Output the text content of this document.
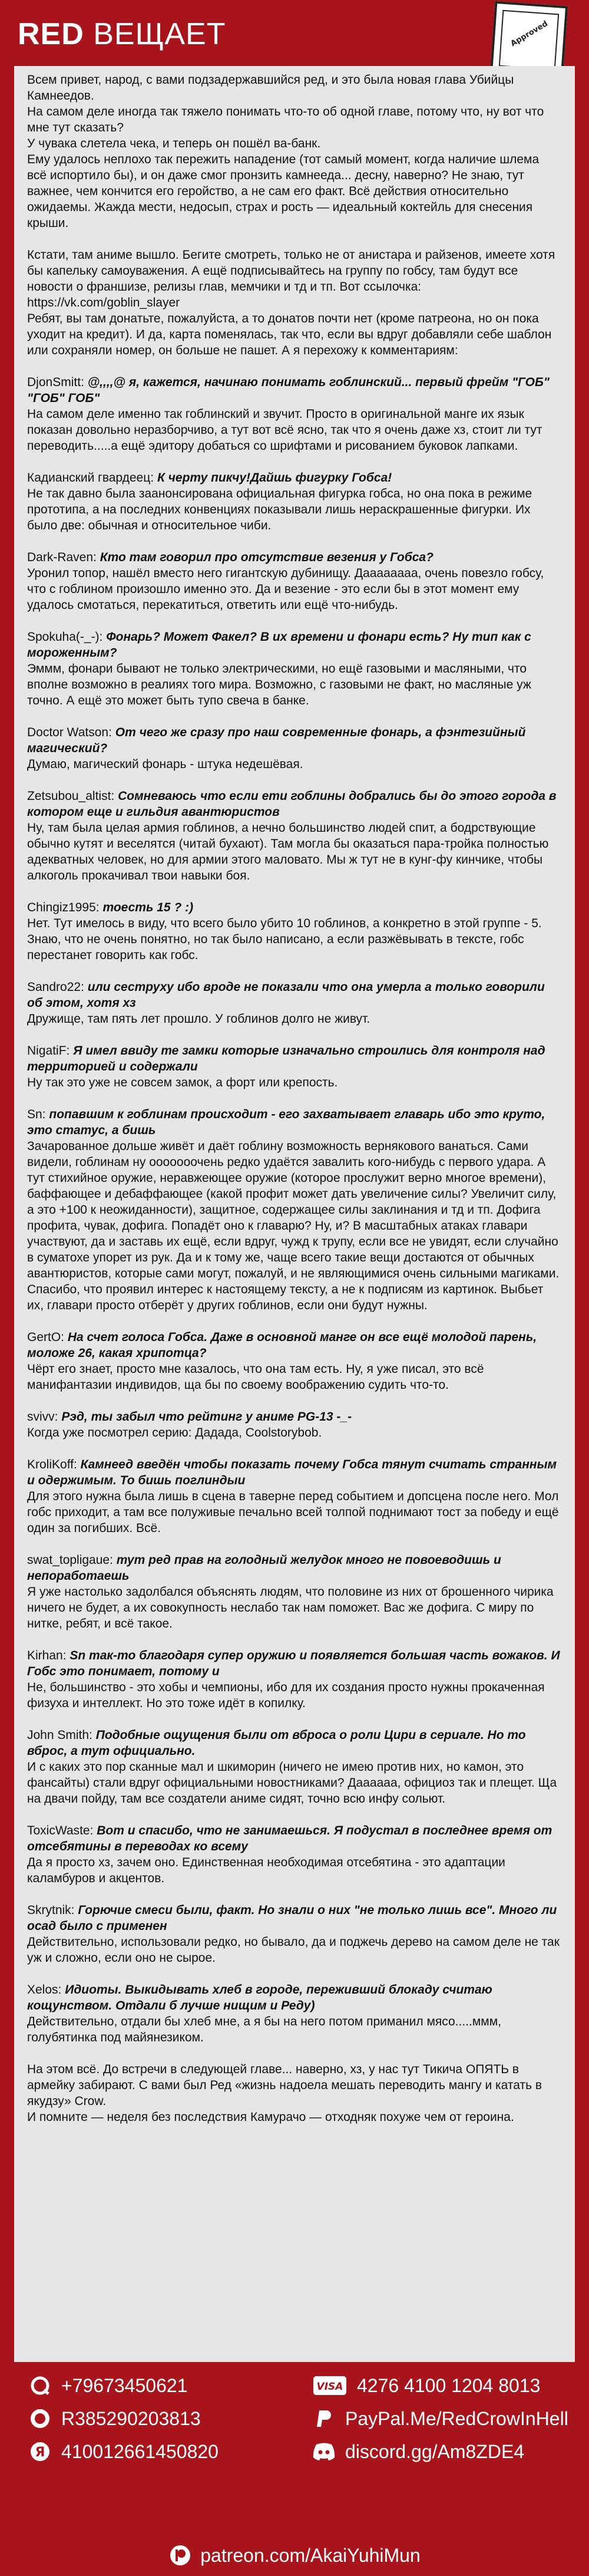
RED ВЕЩАЕТ	Approved

Всем привет, народ, с вами подзадержавшийся ред, и это была новая глава Убийцы Камнеедов.
На самом деле иногда так тяжело понимать что-то об одной главе, потому что, ну вот что мне тут сказать?
У чувака слетела чека, и теперь он пошёл ва-банк.
Ему удалось неплохо так пережить нападение (тот самый момент, когда наличие шлема всё испортило бы), и он даже смог пронзить камнееда... десну, наверно? Не знаю, тут важнее, чем кончится его геройство, а не сам его факт. Всё действия относительно ожидаемы. Жажда мести, недосып, страх и рость — идеальный коктейль для снесения крыши.

Кстати, там аниме вышло. Бегите смотреть, только не от анистара и райзенов, имеете хотя бы капельку самоуважения. А ещё подписывайтесь на группу по гобсу, там будут все новости о франшизе, релизы глав, мемчики и тд и тп. Вот ссылочка: https://vk.com/goblin_slayer
Ребят, вы там донатьте, пожалуйста, а то донатов почти нет (кроме патреона, но он пока уходит на кредит). И да, карта поменялась, так что, если вы вдруг добавляли себе шаблон или сохраняли номер, он больше не пашет. А я перехожу к комментариям:

DjonSmitt: @,,,,@ я, кажется, начинаю понимать гоблинский... первый фрейм "ГОБ" "ГОБ" ГОБ"

На самом деле именно так гоблинский и звучит. Просто в оригинальной манге их язык показан довольно неразборчиво, а тут вот всё ясно, так что я очень даже хз, стоит ли тут переводить.....а ещё эдитору добаться со шрифтами и рисованием буковок лапками.

Кадианский гвардеец: К черту пикчу!Дайшь фигурку Гобса!

Не так давно была заанонсирована официальная фигурка гобса, но она пока в режиме прототипа, а на последних конвенциях показывали лишь нераскрашенные фигурки. Их было две: обычная и относительное чиби.

Dark-Raven: Кто там говорил про отсутствие везения у Гобса?

Уронил топор, нашёл вместо него гигантскую дубинищу. Даааааааа, очень повезло гобсу, что с гоблином произошло именно это. Да и везение - это если бы в этот момент ему удалось смотаться, перекатиться, ответить или ещё что-нибудь.

Spokuha(-_-): Фонарь? Может Факел? В их времени и фонари есть? Ну тип как с мороженным?

Эммм, фонари бывают не только электрическими, но ещё газовыми и масляными, что вполне возможно в реалиях того мира. Возможно, с газовыми не факт, но масляные уж точно. А ещё это может быть тупо свеча в банке.

Doctor Watson: От чего же сразу про наш современные фонарь, а фэнтезийный магический?

Думаю, магический фонарь - штука недешёвая.

Zetsubou_altist: Сомневаюсь что если ети гоблины добрались бы до этого города в котором еще и гильдия авантюристов

Ну, там была целая армия гоблинов, а нечно большинство людей спит, а бодрствующие обычно кутят и веселятся (читай бухают). Там могла бы оказаться пара-тройка полностью адекватных человек, но для армии этого маловато. Мы ж тут не в кунг-фу кинчике, чтобы алкоголь прокачивал твои навыки боя.

Chingiz1995: тоесть 15 ? :)

Нет. Тут имелось в виду, что всего было убито 10 гоблинов, а конкретно в этой группе - 5. Знаю, что не очень понятно, но так было написано, а если разжёвывать в тексте, гобс перестанет говорить как гобс.

Sandro22: или сеструху ибо вроде не показали что она умерла а только говорили об этом, хотя хз

Дружище, там пять лет прошло. У гоблинов долго не живут.

NigatiF: Я имел ввиду те замки которые изначально строились для контроля над территорией и содержали

Ну так это уже не совсем замок, а форт или крепость.

Sn: попавшим к гоблинам происходит - его захватывает главарь ибо это круто, это статус, а бишь

Зачарованное дольше живёт и даёт гоблину возможность вернякового ванаться. Сами видели, гоблинам ну ооооооочень редко удаётся завалить кого-нибудь с первого удара. А тут стихийное оружие, неравжеющее оружие (которое прослужит верно многое времени), баффающее и дебаффающее (какой профит может дать увеличение силы? Увеличит силу, а это +100 к неожиданности), защитное, содержащее силы заклинания и тд и тп. Дофига профита, чувак, дофига. Попадёт оно к главарю? Ну, и? В масштабных атаках главари участвуют, да и заставь их ещё, если вдруг, чужд к трупу, если все не увидят, если случайно в суматохе упорет из рук. Да и к тому же, чаще всего такие вещи достаются от обычных авантюристов, которые сами могут, пожалуй, и не являющимися очень сильными магиками. Спасибо, что проявил интерес к настоящему тексту, а не к подписям из картинок. Выбьет их, главари просто отберёт у других гоблинов, если они будут нужны.

GertO: На счет голоса Гобса. Даже в основной манге он все ещё молодой парень, моложе 26, какая хрипотца?

Чёрт его знает, просто мне казалось, что она там есть. Ну, я уже писал, это всё манифантазии индивидов, ща бы по своему воображению судить что-то.

svivv: Рэд, ты забыл что рейтинг у аниме PG-13 -_-

Когда уже посмотрел серию: Дадада, Coolstorybob.

KroliKoff: Камнеед введён чтобы показать почему Гобса тянут считать странным и одержимым. То бишь поглиндыи

Для этого нужна была лишь в сцена в таверне перед событием и допсцена после него. Мол гобс приходит, а там все полуживые печально всей толпой поднимают тост за победу и ещё один за погибших. Всё.

swat_topligaue: тут ред прав на голодный желудок много не повоеводишь и непоработаешь

Я уже настолько задолбался объяснять людям, что половине из них от брошенного чирика ничего не будет, а их совокупность неслабо так нам поможет. Вас же дофига. С миру по нитке, ребят, и всё такое.

Kirhan: Sn так-то благодаря супер оружию и появляется большая часть вожаков. И Гобс это понимает, потому и

Не, большинство - это хобы и чемпионы, ибо для их создания просто нужны прокаченная физуха и интеллект. Но это тоже идёт в копилку.

John Smith: Подобные ощущения были от вброса о роли Цири в сериале. Но то вброс, а тут официально.

И с каких это пор сканные мал и шкиморин (ничего не имею против них, но камон, это фансайты) стали вдруг официальными новостниками? Даааааа, официоз так и плещет. Ща на двачи пойду, там все создатели аниме сидят, точно всю инфу сольют.

ToxicWaste: Вот и спасибо, что не занимаешься. Я подустал в последнее время от отсебятины в переводах ко всему

Да я просто хз, зачем оно. Единственная необходимая отсебятина - это адаптации каламбуров и акцентов.

Skrytnik: Горючие смеси были, факт. Но знали о них "не только лишь все". Много ли осад было с применен

Действительно, использовали редко, но бывало, да и поджечь дерево на самом деле не так уж и сложно, если оно не сырое.

Xelos: Идиоты. Выкидывать хлеб в городе, переживший блокаду считаю кощунством. Отдали б лучше нищим и Реду)

Действительно, отдали бы хлеб мне, а я бы на него потом приманил мясо.....ммм, голубятинка под майянезиком.

На этом всё. До встречи в следующей главе... наверно, хз, у нас тут Тикича ОПЯТЬ в армейку забирают. С вами был Ред «жизнь надоела мешать переводить мангу и катать в якудзу» Crow.
И помните — неделя без последствия Камурачо — отходняк похуже чем от героина.

+79673450621
R385290203813
Я 410012661450820
VISA 4276 4100 1204 8013
PayPal.Me/RedCrowInHell
discord.gg/Am8ZDE4
patreon.com/AkaiYuhiMun
